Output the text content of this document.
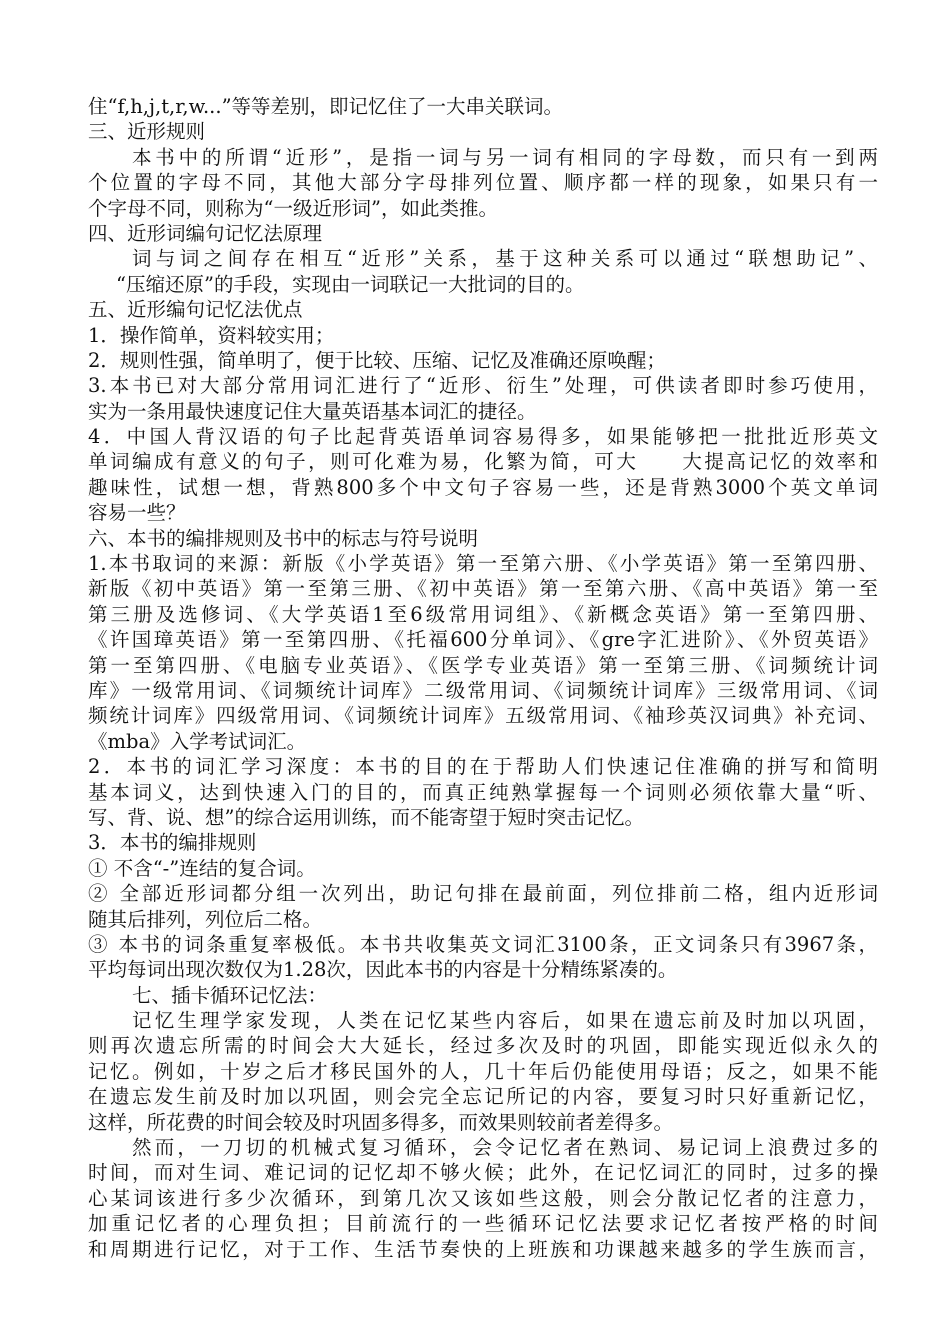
住“f,h,j,t,r,w...”等等差别，即记忆住了一大串关联词。
三、近形规则
本书中的所谓“近形”，是指一词与另一词有相同的字母数，而只有一到两
个位置的字母不同，其他大部分字母排列位置、顺序都一样的现象，如果只有一
个字母不同，则称为“一级近形词”，如此类推。
四、近形词编句记忆法原理
词与词之间存在相互“近形”关系，基于这种关系可以通过“联想助记”、
“压缩还原”的手段，实现由一词联记一大批词的目的。
五、近形编句记忆法优点
1．操作简单，资料较实用；
2．规则性强，简单明了，便于比较、压缩、记忆及准确还原唤醒；
3.本书已对大部分常用词汇进行了“近形、衍生”处理，可供读者即时参巧使用，
实为一条用最快速度记住大量英语基本词汇的捷径。
4．中国人背汉语的句子比起背英语单词容易得多，如果能够把一批批近形英文
单词编成有意义的句子，则可化难为易，化繁为简，可大　　大提高记忆的效率和
趣味性，试想一想，背熟800多个中文句子容易一些，还是背熟3000个英文单词
容易一些？
六、本书的编排规则及书中的标志与符号说明
1.本书取词的来源：新版《小学英语》第一至第六册、《小学英语》第一至第四册、
新版《初中英语》第一至第三册、《初中英语》第一至第六册、《高中英语》第一至
第三册及选修词、《大学英语1至6级常用词组》、《新概念英语》第一至第四册、
《许国璋英语》第一至第四册、《托福600分单词》、《gre字汇进阶》、《外贸英语》
第一至第四册、《电脑专业英语》、《医学专业英语》第一至第三册、《词频统计词
库》一级常用词、《词频统计词库》二级常用词、《词频统计词库》三级常用词、《词
频统计词库》四级常用词、《词频统计词库》五级常用词、《袖珍英汉词典》补充词、
《mba》入学考试词汇。
2．本书的词汇学习深度：本书的目的在于帮助人们快速记住准确的拼写和简明
基本词义，达到快速入门的目的，而真正纯熟掌握每一个词则必须依靠大量“听、
写、背、说、想”的综合运用训练，而不能寄望于短时突击记忆。
3．本书的编排规则
① 不含“-”连结的复合词。
② 全部近形词都分组一次列出，助记句排在最前面，列位排前二格，组内近形词
随其后排列，列位后二格。
③ 本书的词条重复率极低。本书共收集英文词汇3100条，正文词条只有3967条，
平均每词出现次数仅为1.28次，因此本书的内容是十分精练紧凑的。
七、插卡循环记忆法：
记忆生理学家发现，人类在记忆某些内容后，如果在遗忘前及时加以巩固，
则再次遗忘所需的时间会大大延长，经过多次及时的巩固，即能实现近似永久的
记忆。例如，十岁之后才移民国外的人，几十年后仍能使用母语；反之，如果不能
在遗忘发生前及时加以巩固，则会完全忘记所记的内容，要复习时只好重新记忆，
这样，所花费的时间会较及时巩固多得多，而效果则较前者差得多。
然而，一刀切的机械式复习循环，会令记忆者在熟词、易记词上浪费过多的
时间，而对生词、难记词的记忆却不够火候；此外，在记忆词汇的同时，过多的操
心某词该进行多少次循环，到第几次又该如些这般，则会分散记忆者的注意力，
加重记忆者的心理负担；目前流行的一些循环记忆法要求记忆者按严格的时间
和周期进行记忆，对于工作、生活节奏快的上班族和功课越来越多的学生族而言，
